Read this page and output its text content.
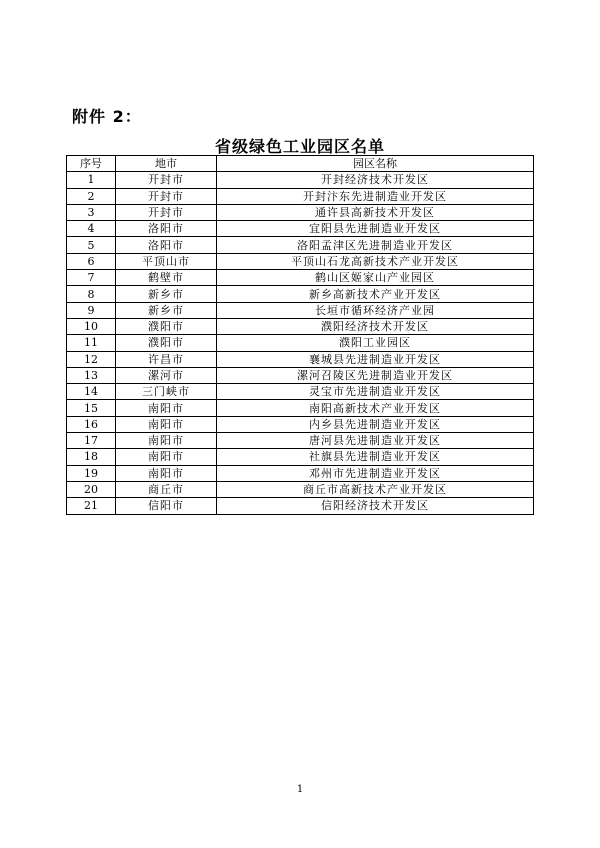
附件 2：
省级绿色工业园区名单
序号	地市	园区名称
1	开封市	开封经济技术开发区
2	开封市	开封汴东先进制造业开发区
3	开封市	通许县高新技术开发区
4	洛阳市	宜阳县先进制造业开发区
5	洛阳市	洛阳孟津区先进制造业开发区
6	平顶山市	平顶山石龙高新技术产业开发区
7	鹤壁市	鹤山区姬家山产业园区
8	新乡市	新乡高新技术产业开发区
9	新乡市	长垣市循环经济产业园
10	濮阳市	濮阳经济技术开发区
11	濮阳市	濮阳工业园区
12	许昌市	襄城县先进制造业开发区
13	漯河市	漯河召陵区先进制造业开发区
14	三门峡市	灵宝市先进制造业开发区
15	南阳市	南阳高新技术产业开发区
16	南阳市	内乡县先进制造业开发区
17	南阳市	唐河县先进制造业开发区
18	南阳市	社旗县先进制造业开发区
19	南阳市	邓州市先进制造业开发区
20	商丘市	商丘市高新技术产业开发区
21	信阳市	信阳经济技术开发区
1
